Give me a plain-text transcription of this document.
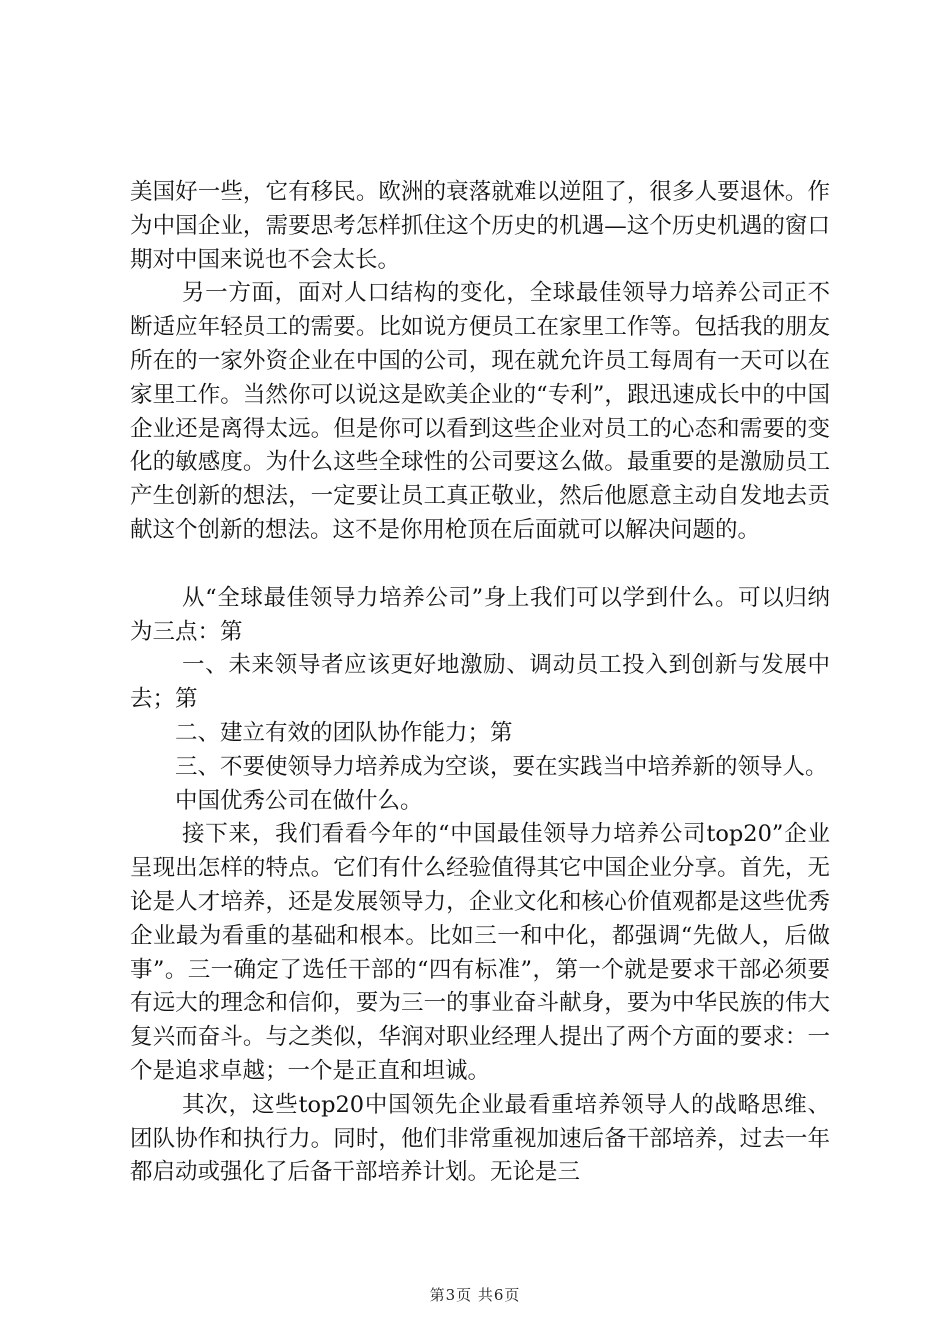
美国好一些，它有移民。欧洲的衰落就难以逆阻了，很多人要退休。作为中国企业，需要思考怎样抓住这个历史的机遇—这个历史机遇的窗口期对中国来说也不会太长。

另一方面，面对人口结构的变化，全球最佳领导力培养公司正不断适应年轻员工的需要。比如说方便员工在家里工作等。包括我的朋友所在的一家外资企业在中国的公司，现在就允许员工每周有一天可以在家里工作。当然你可以说这是欧美企业的“专利”，跟迅速成长中的中国企业还是离得太远。但是你可以看到这些企业对员工的心态和需要的变化的敏感度。为什么这些全球性的公司要这么做。最重要的是激励员工产生创新的想法，一定要让员工真正敬业，然后他愿意主动自发地去贡献这个创新的想法。这不是你用枪顶在后面就可以解决问题的。

从“全球最佳领导力培养公司”身上我们可以学到什么。可以归纳为三点：第

一、未来领导者应该更好地激励、调动员工投入到创新与发展中去；第

二、建立有效的团队协作能力；第

三、不要使领导力培养成为空谈，要在实践当中培养新的领导人。

中国优秀公司在做什么。

接下来，我们看看今年的“中国最佳领导力培养公司top20”企业呈现出怎样的特点。它们有什么经验值得其它中国企业分享。首先，无论是人才培养，还是发展领导力，企业文化和核心价值观都是这些优秀企业最为看重的基础和根本。比如三一和中化，都强调“先做人，后做事”。三一确定了选任干部的“四有标准”，第一个就是要求干部必须要有远大的理念和信仰，要为三一的事业奋斗献身，要为中华民族的伟大复兴而奋斗。与之类似，华润对职业经理人提出了两个方面的要求：一个是追求卓越；一个是正直和坦诚。

其次，这些top20中国领先企业最看重培养领导人的战略思维、团队协作和执行力。同时，他们非常重视加速后备干部培养，过去一年都启动或强化了后备干部培养计划。无论是三

第3页 共6页
